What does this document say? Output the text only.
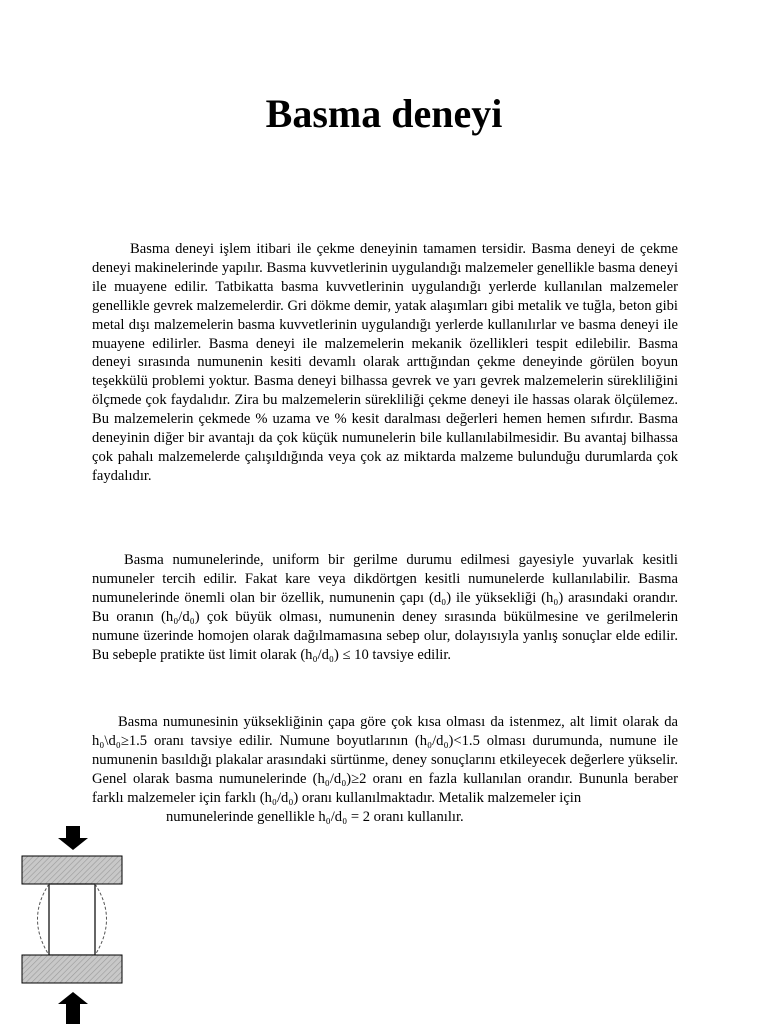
Basma deneyi

Basma deneyi işlem itibari ile çekme deneyinin tamamen tersidir. Basma deneyi de çekme deneyi makinelerinde yapılır. Basma kuvvetlerinin uygulandığı malzemeler genellikle basma deneyi ile muayene edilir. Tatbikatta basma kuvvetlerinin uygulandığı yerlerde kullanılan malzemeler genellikle gevrek malzemelerdir. Gri dökme demir, yatak alaşımları gibi metalik ve tuğla, beton gibi metal dışı malzemelerin basma kuvvetlerinin uygulandığı yerlerde kullanılırlar ve basma deneyi ile muayene edilirler. Basma deneyi ile malzemelerin mekanik özellikleri tespit edilebilir. Basma deneyi sırasında numunenin kesiti devamlı olarak arttığından çekme deneyinde görülen boyun teşekkülü problemi yoktur. Basma deneyi bilhassa gevrek ve yarı gevrek malzemelerin sürekliliğini ölçmede çok faydalıdır. Zira bu malzemelerin sürekliliği çekme deneyi ile hassas olarak ölçülemez. Bu malzemelerin çekmede % uzama ve % kesit daralması değerleri hemen hemen sıfırdır. Basma deneyinin diğer bir avantajı da çok küçük numunelerin bile kullanılabilmesidir. Bu avantaj bilhassa çok pahalı malzemelerde çalışıldığında veya çok az miktarda malzeme bulunduğu durumlarda çok faydalıdır.

Basma numunelerinde, uniform bir gerilme durumu edilmesi gayesiyle yuvarlak kesitli numuneler tercih edilir. Fakat kare veya dikdörtgen kesitli numunelerde kullanılabilir. Basma numunelerinde önemli olan bir özellik, numunenin çapı (d₀) ile yüksekliği (h₀) arasındaki orandır. Bu oranın (h₀/d₀) çok büyük olması, numunenin deney sırasında bükülmesine ve gerilmelerin numune üzerinde homojen olarak dağılmamasına sebep olur, dolayısıyla yanlış sonuçlar elde edilir. Bu sebeple pratikte üst limit olarak (h₀/d₀) ≤ 10 tavsiye edilir.

Basma numunesinin yüksekliğinin çapa göre çok kısa olması da istenmez, alt limit olarak da h₀\d₀≥1.5 oranı tavsiye edilir. Numune boyutlarının (h₀/d₀)<1.5 olması durumunda, numune ile numunenin basıldığı plakalar arasındaki sürtünme, deney sonuçlarını etkileyecek değerlere yükselir. Genel olarak basma numunelerinde (h₀/d₀)≥2 oranı en fazla kullanılan orandır. Bununla beraber farklı malzemeler için farklı (h₀/d₀) oranı kullanılmaktadır. Metalik malzemeler için
numunelerinde genellikle h₀/d₀ = 2 oranı kullanılır.
